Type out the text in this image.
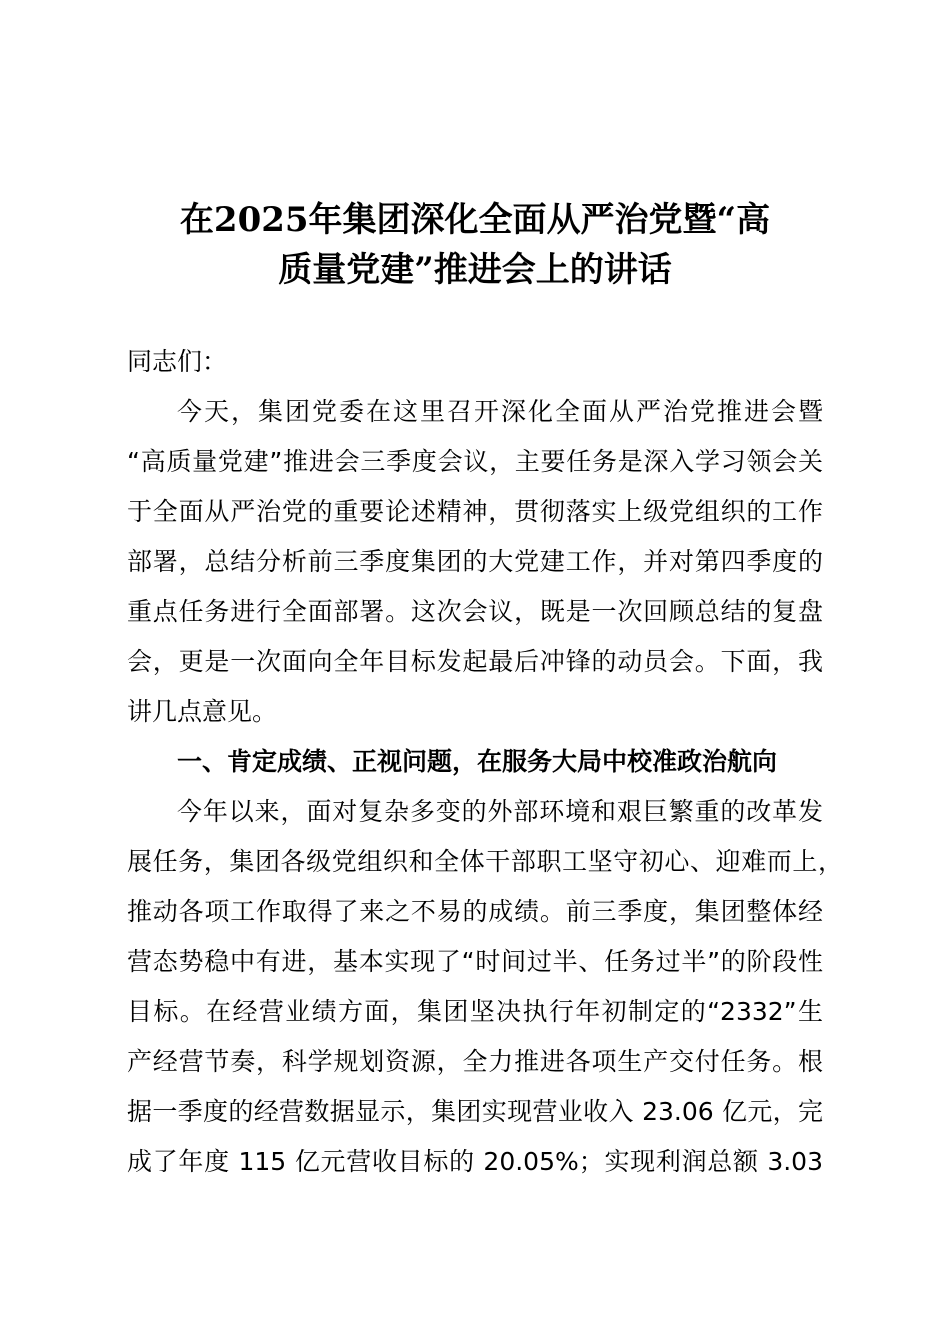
在2025年集团深化全面从严治党暨“高
质量党建”推进会上的讲话
同志们：
今天，集团党委在这里召开深化全面从严治党推进会暨
“高质量党建”推进会三季度会议，主要任务是深入学习领会关
于全面从严治党的重要论述精神，贯彻落实上级党组织的工作
部署，总结分析前三季度集团的大党建工作，并对第四季度的
重点任务进行全面部署。这次会议，既是一次回顾总结的复盘
会，更是一次面向全年目标发起最后冲锋的动员会。下面，我
讲几点意见。
一、肯定成绩、正视问题，在服务大局中校准政治航向
今年以来，面对复杂多变的外部环境和艰巨繁重的改革发
展任务，集团各级党组织和全体干部职工坚守初心、迎难而上，
推动各项工作取得了来之不易的成绩。前三季度，集团整体经
营态势稳中有进，基本实现了“时间过半、任务过半”的阶段性
目标。在经营业绩方面，集团坚决执行年初制定的“2332”生
产经营节奏，科学规划资源，全力推进各项生产交付任务。根
据一季度的经营数据显示，集团实现营业收入 23.06 亿元，完
成了年度 115 亿元营收目标的 20.05%；实现利润总额 3.03
